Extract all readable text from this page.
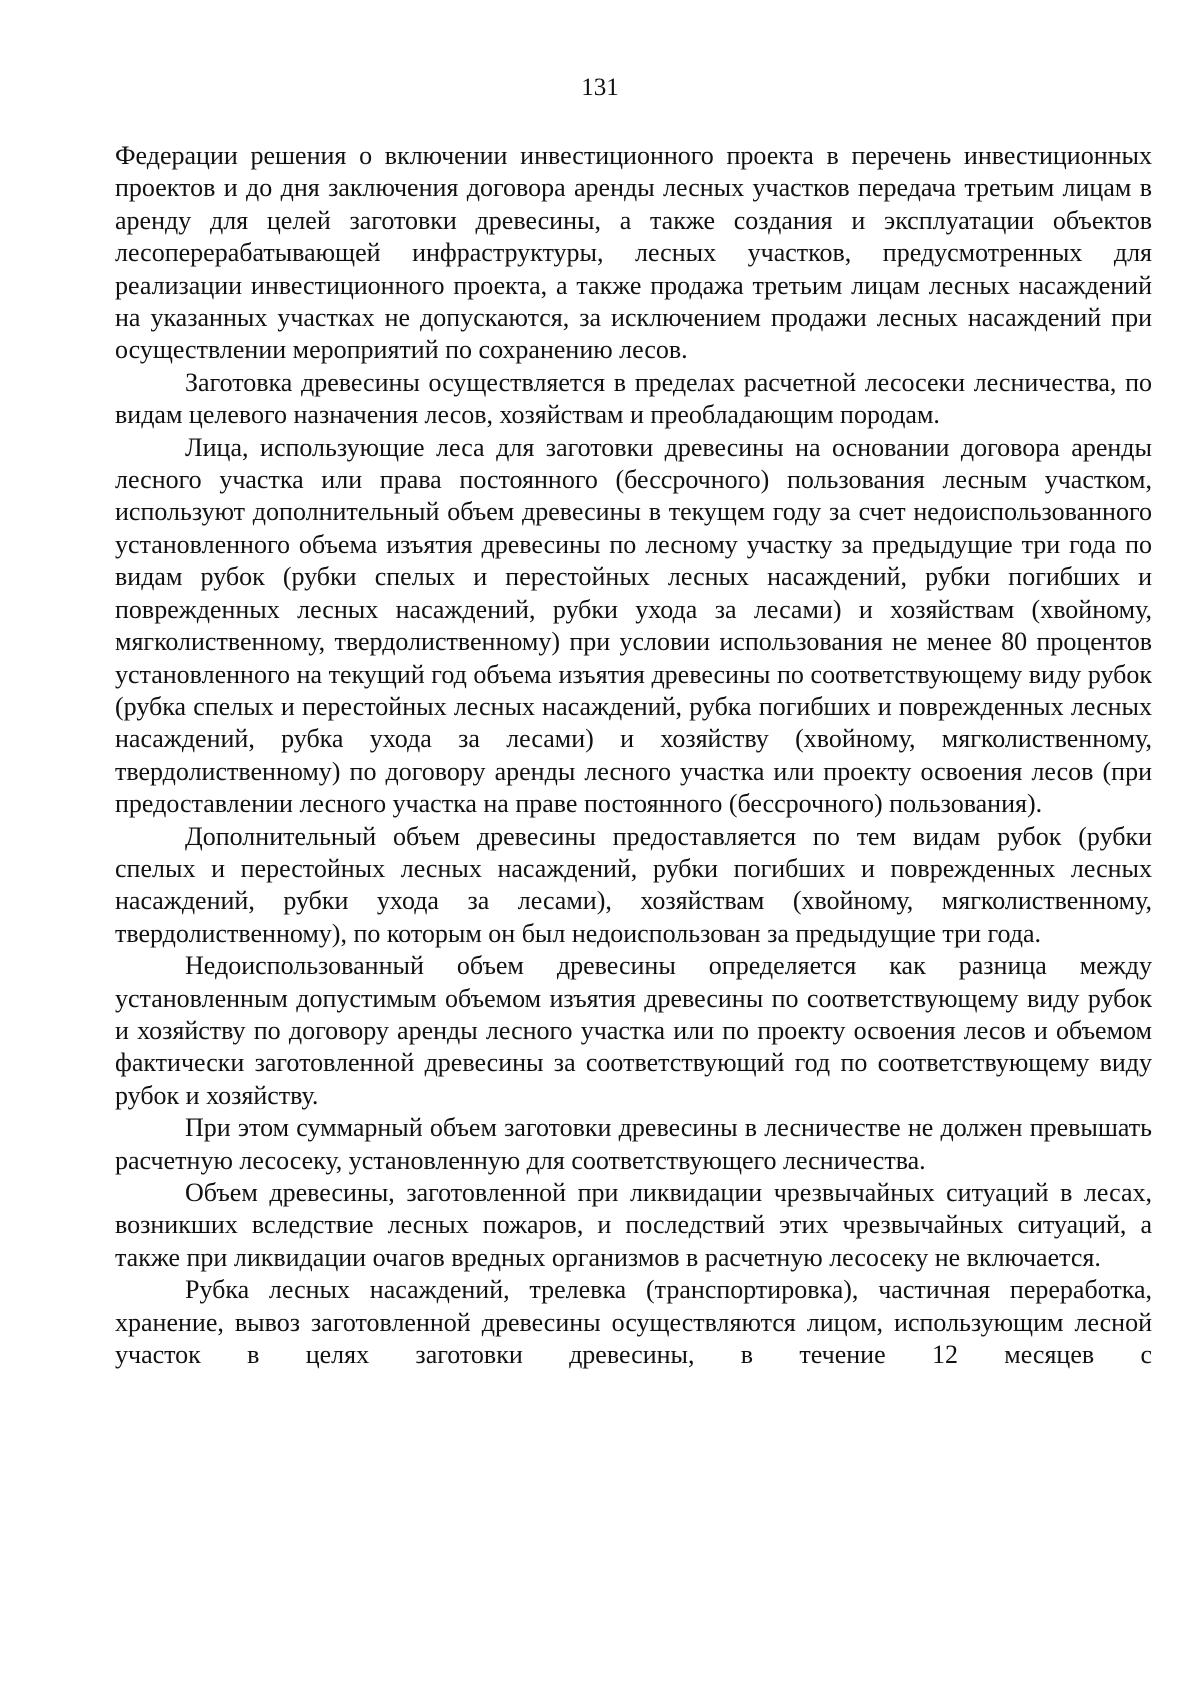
131

Федерации решения о включении инвестиционного проекта в перечень инвестиционных проектов и до дня заключения договора аренды лесных участков передача третьим лицам в аренду для целей заготовки древесины, а также создания и эксплуатации объектов лесоперерабатывающей инфраструктуры, лесных участков, предусмотренных для реализации инвестиционного проекта, а также продажа третьим лицам лесных насаждений на указанных участках не допускаются, за исключением продажи лесных насаждений при осуществлении мероприятий по сохранению лесов.

Заготовка древесины осуществляется в пределах расчетной лесосеки лесничества, по видам целевого назначения лесов, хозяйствам и преобладающим породам.

Лица, использующие леса для заготовки древесины на основании договора аренды лесного участка или права постоянного (бессрочного) пользования лесным участком, используют дополнительный объем древесины в текущем году за счет недоиспользованного установленного объема изъятия древесины по лесному участку за предыдущие три года по видам рубок (рубки спелых и перестойных лесных насаждений, рубки погибших и поврежденных лесных насаждений, рубки ухода за лесами) и хозяйствам (хвойному, мягколиственному, твердолиственному) при условии использования не менее 80 процентов установленного на текущий год объема изъятия древесины по соответствующему виду рубок (рубка спелых и перестойных лесных насаждений, рубка погибших и поврежденных лесных насаждений, рубка ухода за лесами) и хозяйству (хвойному, мягколиственному, твердолиственному) по договору аренды лесного участка или проекту освоения лесов (при предоставлении лесного участка на праве постоянного (бессрочного) пользования).

Дополнительный объем древесины предоставляется по тем видам рубок (рубки спелых и перестойных лесных насаждений, рубки погибших и поврежденных лесных насаждений, рубки ухода за лесами), хозяйствам (хвойному, мягколиственному, твердолиственному), по которым он был недоиспользован за предыдущие три года.

Недоиспользованный объем древесины определяется как разница между установленным допустимым объемом изъятия древесины по соответствующему виду рубок и хозяйству по договору аренды лесного участка или по проекту освоения лесов и объемом фактически заготовленной древесины за соответствующий год по соответствующему виду рубок и хозяйству.

При этом суммарный объем заготовки древесины в лесничестве не должен превышать расчетную лесосеку, установленную для соответствующего лесничества.

Объем древесины, заготовленной при ликвидации чрезвычайных ситуаций в лесах, возникших вследствие лесных пожаров, и последствий этих чрезвычайных ситуаций, а также при ликвидации очагов вредных организмов в расчетную лесосеку не включается.

Рубка лесных насаждений, трелевка (транспортировка), частичная переработка, хранение, вывоз заготовленной древесины осуществляются лицом, использующим лесной участок в целях заготовки древесины, в течение 12 месяцев с
